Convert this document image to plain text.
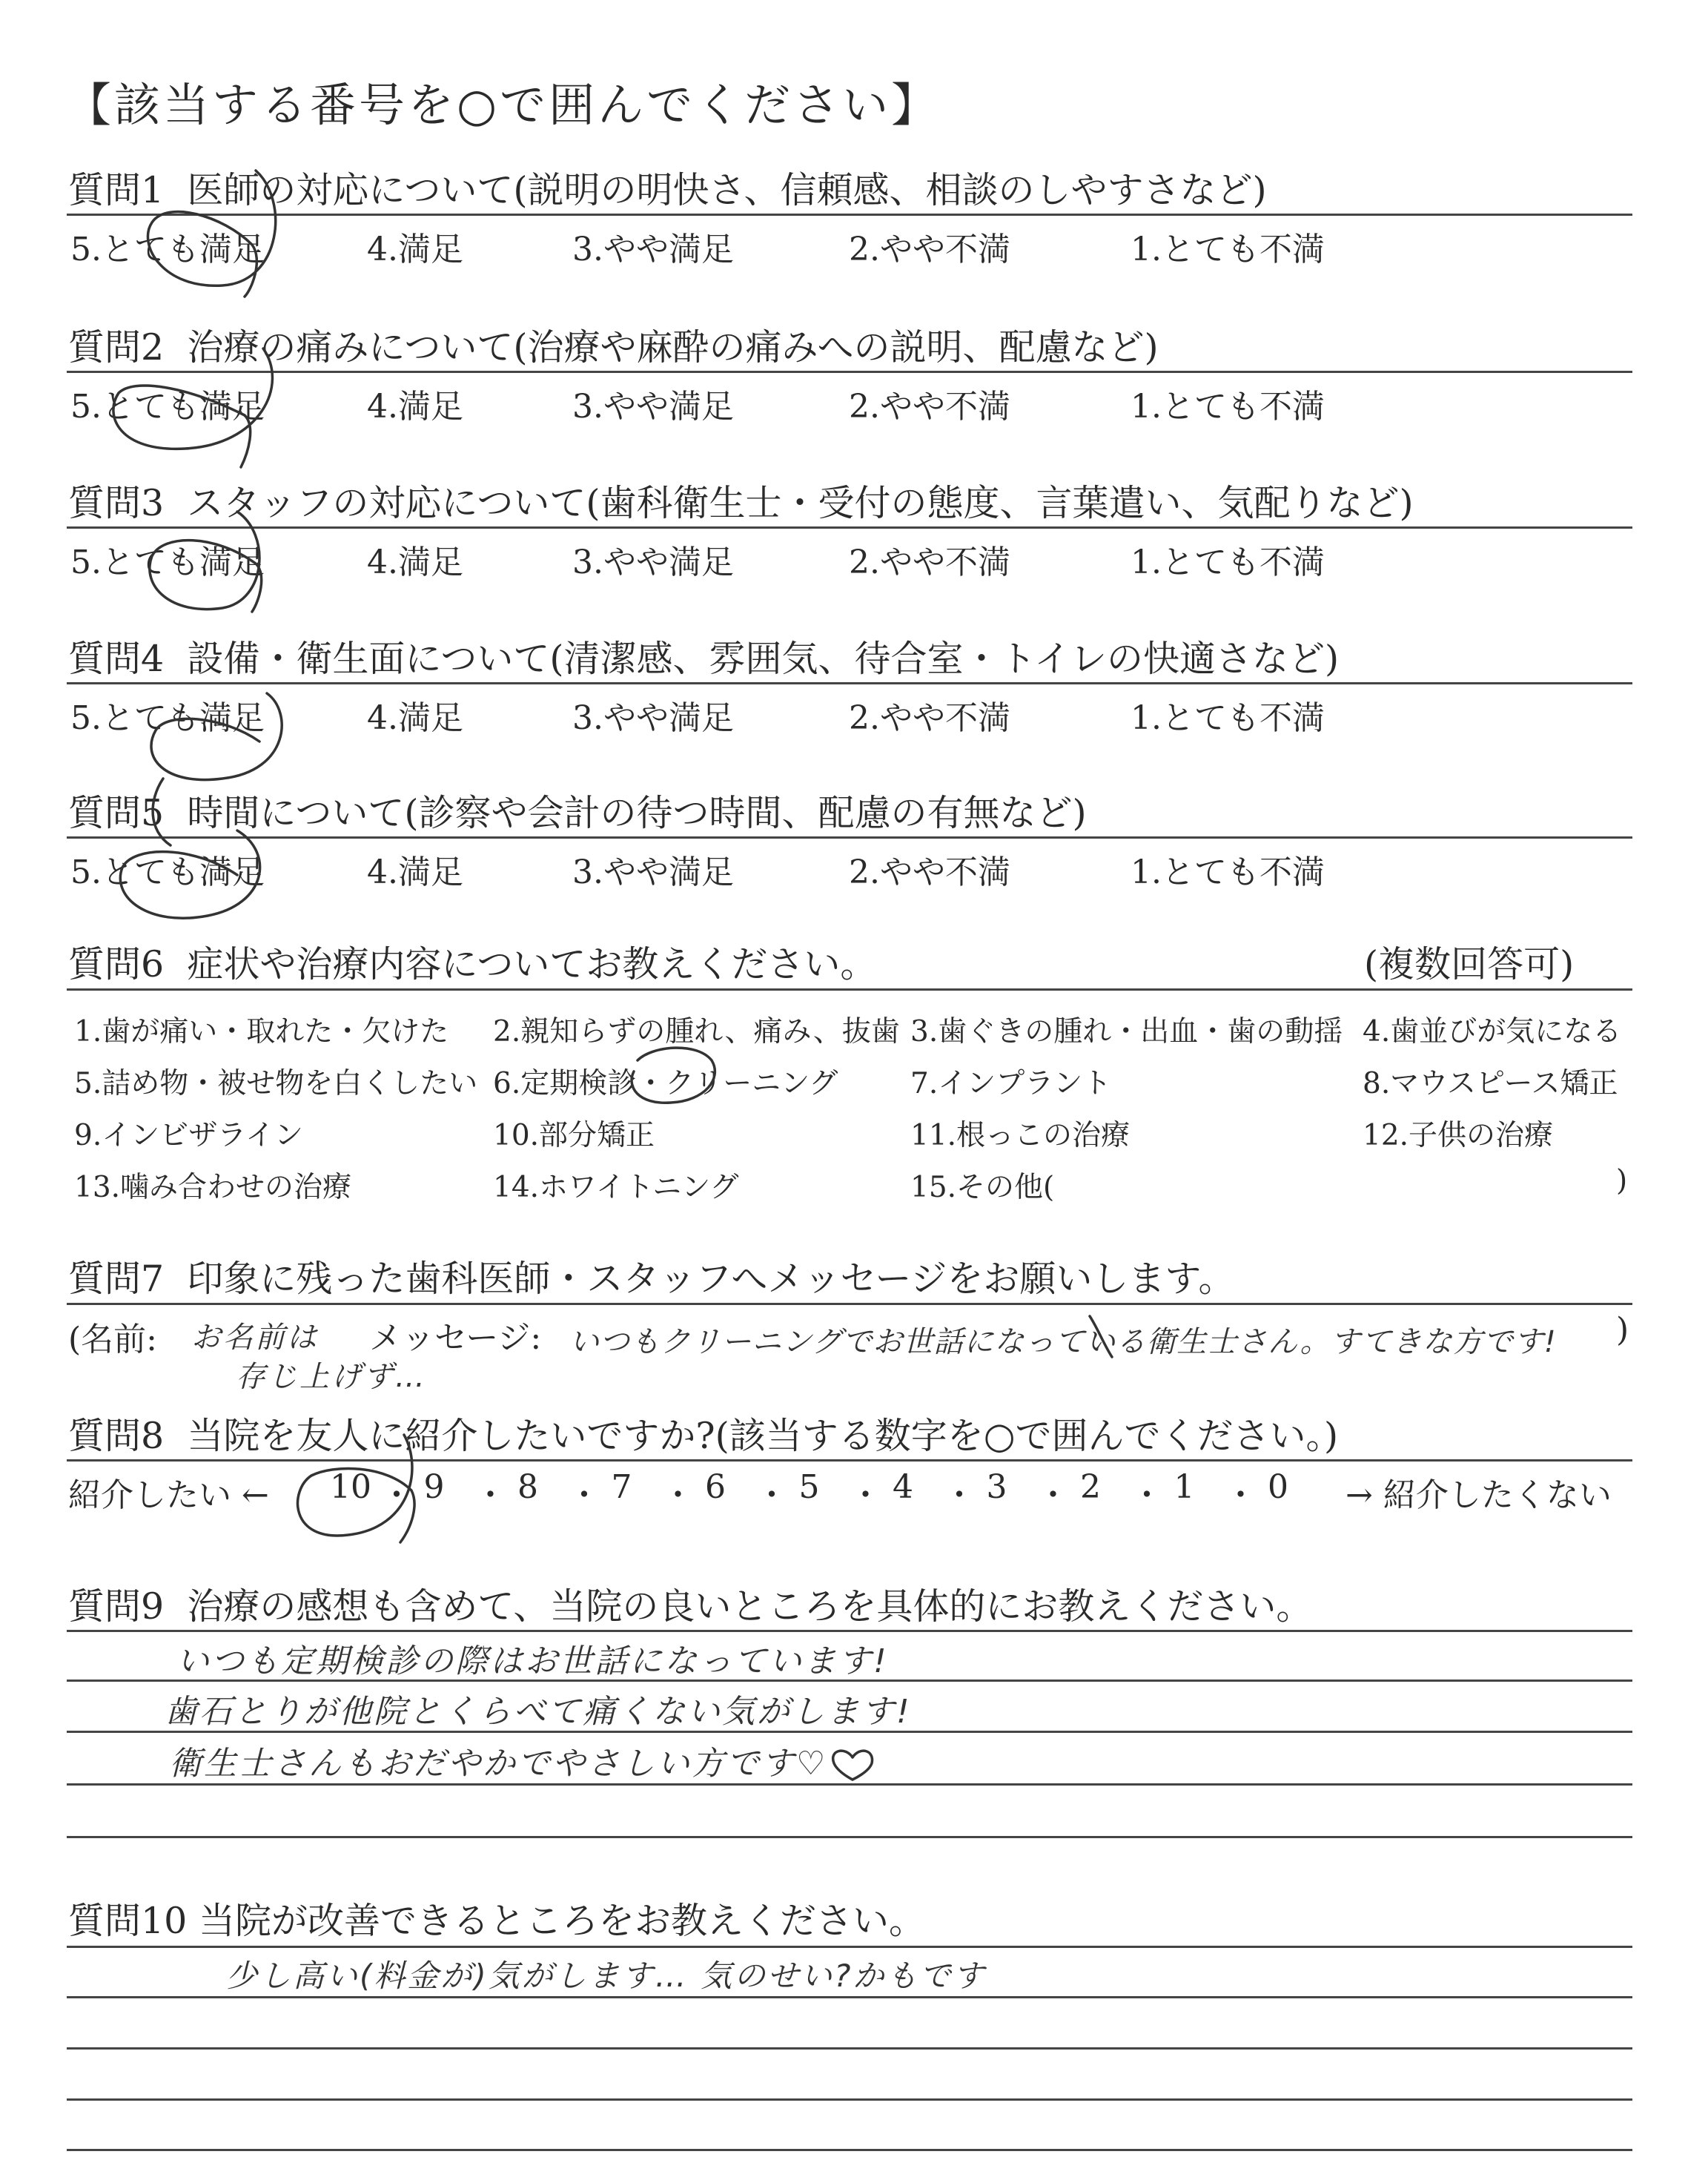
【該当する番号を○で囲んでください】
質問1 医師の対応について(説明の明快さ、信頼感、相談のしやすさなど)
5.とても満足	4.満足	3.やや満足	2.やや不満	1.とても不満
質問2 治療の痛みについて(治療や麻酔の痛みへの説明、配慮など)
5.とても満足	4.満足	3.やや満足	2.やや不満	1.とても不満
質問3 スタッフの対応について(歯科衛生士・受付の態度、言葉遣い、気配りなど)
5.とても満足	4.満足	3.やや満足	2.やや不満	1.とても不満
質問4 設備・衛生面について(清潔感、雰囲気、待合室・トイレの快適さなど)
5.とても満足	4.満足	3.やや満足	2.やや不満	1.とても不満
質問5 時間について(診察や会計の待つ時間、配慮の有無など)
5.とても満足	4.満足	3.やや満足	2.やや不満	1.とても不満
質問6 症状や治療内容についてお教えください。	(複数回答可)
1.歯が痛い・取れた・欠けた 2.親知らずの腫れ、痛み、抜歯 3.歯ぐきの腫れ・出血・歯の動揺 4.歯並びが気になる
5.詰め物・被せ物を白くしたい 6.定期検診・クリーニング	7.インプラント	8.マウスピース矯正
9.インビザライン	10.部分矯正	11.根っこの治療	12.子供の治療
13.噛み合わせの治療	14.ホワイトニング	15.その他(	)
質問7 印象に残った歯科医師・スタッフへメッセージをお願いします。
(名前: お名前は
存じ上げず…
メッセージ: いつもクリーニングでお世話になっている衛生士さん。すてきな方です! )
質問8 当院を友人に紹介したいですか?(該当する数字を○で囲んでください。)
紹介したい ← 10 ・ 9 ・ 8 ・ 7 ・ 6 ・ 5 ・ 4 ・ 3 ・ 2 ・ 1 ・ 0 → 紹介したくない
質問9 治療の感想も含めて、当院の良いところを具体的にお教えください。
いつも定期検診の際はお世話になっています!
歯石とりが他院とくらべて痛くない気がします!
衛生士さんもおだやかでやさしい方です♡
質問10 当院が改善できるところをお教えください。
少し高い(料金が)気がします… 気のせい?かもです
